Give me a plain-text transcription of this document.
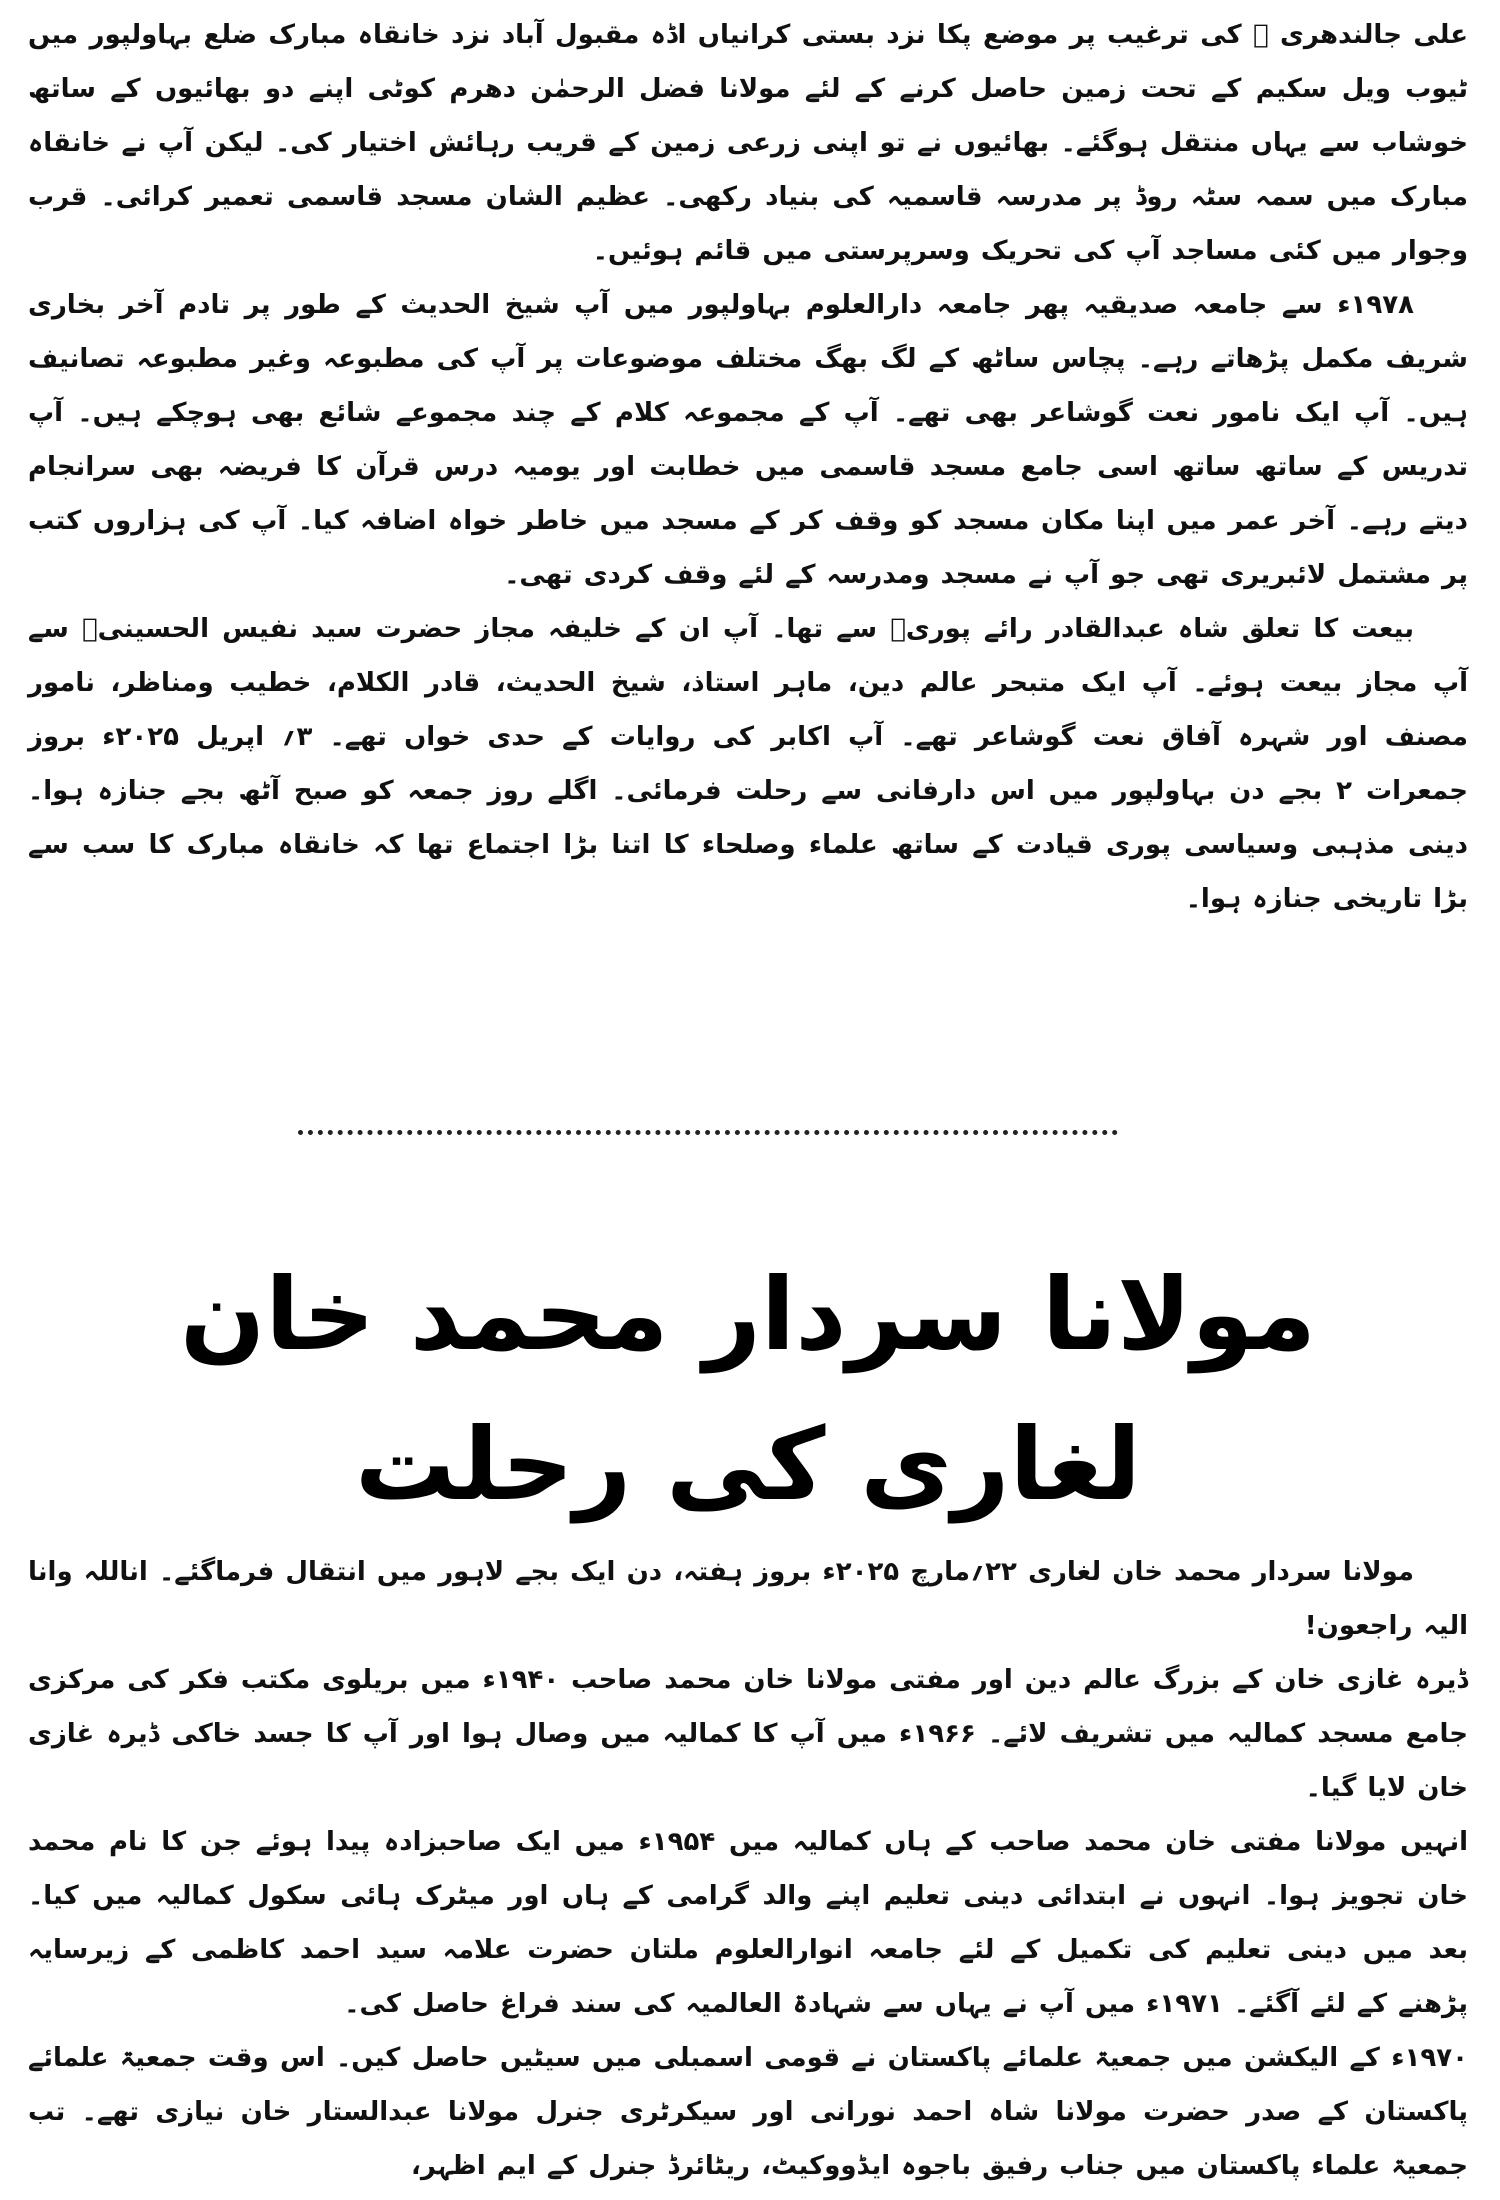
علی جالندھری ﷫ کی ترغیب پر موضع پکا نزد بستی کرانیاں اڈہ مقبول آباد نزد خانقاہ مبارک ضلع بہاولپور میں ٹیوب ویل سکیم کے تحت زمین حاصل کرنے کے لئے مولانا فضل الرحمٰن دھرم کوٹی اپنے دو بھائیوں کے ساتھ خوشاب سے یہاں منتقل ہوگئے۔ بھائیوں نے تو اپنی زرعی زمین کے قریب رہائش اختیار کی۔ لیکن آپ نے خانقاہ مبارک میں سمہ سٹہ روڈ پر مدرسہ قاسمیہ کی بنیاد رکھی۔ عظیم الشان مسجد قاسمی تعمیر کرائی۔ قرب وجوار میں کئی مساجد آپ کی تحریک وسرپرستی میں قائم ہوئیں۔

۱۹۷۸ء سے جامعہ صدیقیہ پھر جامعہ دارالعلوم بہاولپور میں آپ شیخ الحدیث کے طور پر تادم آخر بخاری شریف مکمل پڑھاتے رہے۔ پچاس ساٹھ کے لگ بھگ مختلف موضوعات پر آپ کی مطبوعہ وغیر مطبوعہ تصانیف ہیں۔ آپ ایک نامور نعت گوشاعر بھی تھے۔ آپ کے مجموعہ کلام کے چند مجموعے شائع بھی ہوچکے ہیں۔ آپ تدریس کے ساتھ ساتھ اسی جامع مسجد قاسمی میں خطابت اور یومیہ درس قرآن کا فریضہ بھی سرانجام دیتے رہے۔ آخر عمر میں اپنا مکان مسجد کو وقف کر کے مسجد میں خاطر خواہ اضافہ کیا۔ آپ کی ہزاروں کتب پر مشتمل لائبریری تھی جو آپ نے مسجد ومدرسہ کے لئے وقف کردی تھی۔

بیعت کا تعلق شاہ عبدالقادر رائے پوریؒ سے تھا۔ آپ ان کے خلیفہ مجاز حضرت سید نفیس الحسینیؒ سے آپ مجاز بیعت ہوئے۔ آپ ایک متبحر عالم دین، ماہر استاذ، شیخ الحدیث، قادر الکلام، خطیب ومناظر، نامور مصنف اور شہرہ آفاق نعت گوشاعر تھے۔ آپ اکابر کی روایات کے حدی خواں تھے۔ ۳؍ اپریل ۲۰۲۵ء بروز جمعرات ۲ بجے دن بہاولپور میں اس دارفانی سے رحلت فرمائی۔ اگلے روز جمعہ کو صبح آٹھ بجے جنازہ ہوا۔ دینی مذہبی وسیاسی پوری قیادت کے ساتھ علماء وصلحاء کا اتنا بڑا اجتماع تھا کہ خانقاہ مبارک کا سب سے بڑا تاریخی جنازہ ہوا۔

مولانا سردار محمد خان لغاری کی رحلت

مولانا سردار محمد خان لغاری ۲۲؍مارچ ۲۰۲۵ء بروز ہفتہ، دن ایک بجے لاہور میں انتقال فرماگئے۔ اناللہ وانا الیہ راجعون!

ڈیرہ غازی خان کے بزرگ عالم دین اور مفتی مولانا خان محمد صاحب ۱۹۴۰ء میں بریلوی مکتب فکر کی مرکزی جامع مسجد کمالیہ میں تشریف لائے۔ ۱۹۶۶ء میں آپ کا کمالیہ میں وصال ہوا اور آپ کا جسد خاکی ڈیرہ غازی خان لایا گیا۔

انہیں مولانا مفتی خان محمد صاحب کے ہاں کمالیہ میں ۱۹۵۴ء میں ایک صاحبزادہ پیدا ہوئے جن کا نام محمد خان تجویز ہوا۔ انہوں نے ابتدائی دینی تعلیم اپنے والد گرامی کے ہاں اور میٹرک ہائی سکول کمالیہ میں کیا۔ بعد میں دینی تعلیم کی تکمیل کے لئے جامعہ انوارالعلوم ملتان حضرت علامہ سید احمد کاظمی کے زیرسایہ پڑھنے کے لئے آگئے۔ ۱۹۷۱ء میں آپ نے یہاں سے شہادۃ العالمیہ کی سند فراغ حاصل کی۔

۱۹۷۰ء کے الیکشن میں جمعیۃ علمائے پاکستان نے قومی اسمبلی میں سیٹیں حاصل کیں۔ اس وقت جمعیۃ علمائے پاکستان کے صدر حضرت مولانا شاہ احمد نورانی اور سیکرٹری جنرل مولانا عبدالستار خان نیازی تھے۔ تب جمعیۃ علماء پاکستان میں جناب رفیق باجوہ ایڈووکیٹ، ریٹائرڈ جنرل کے ایم اظہر،
